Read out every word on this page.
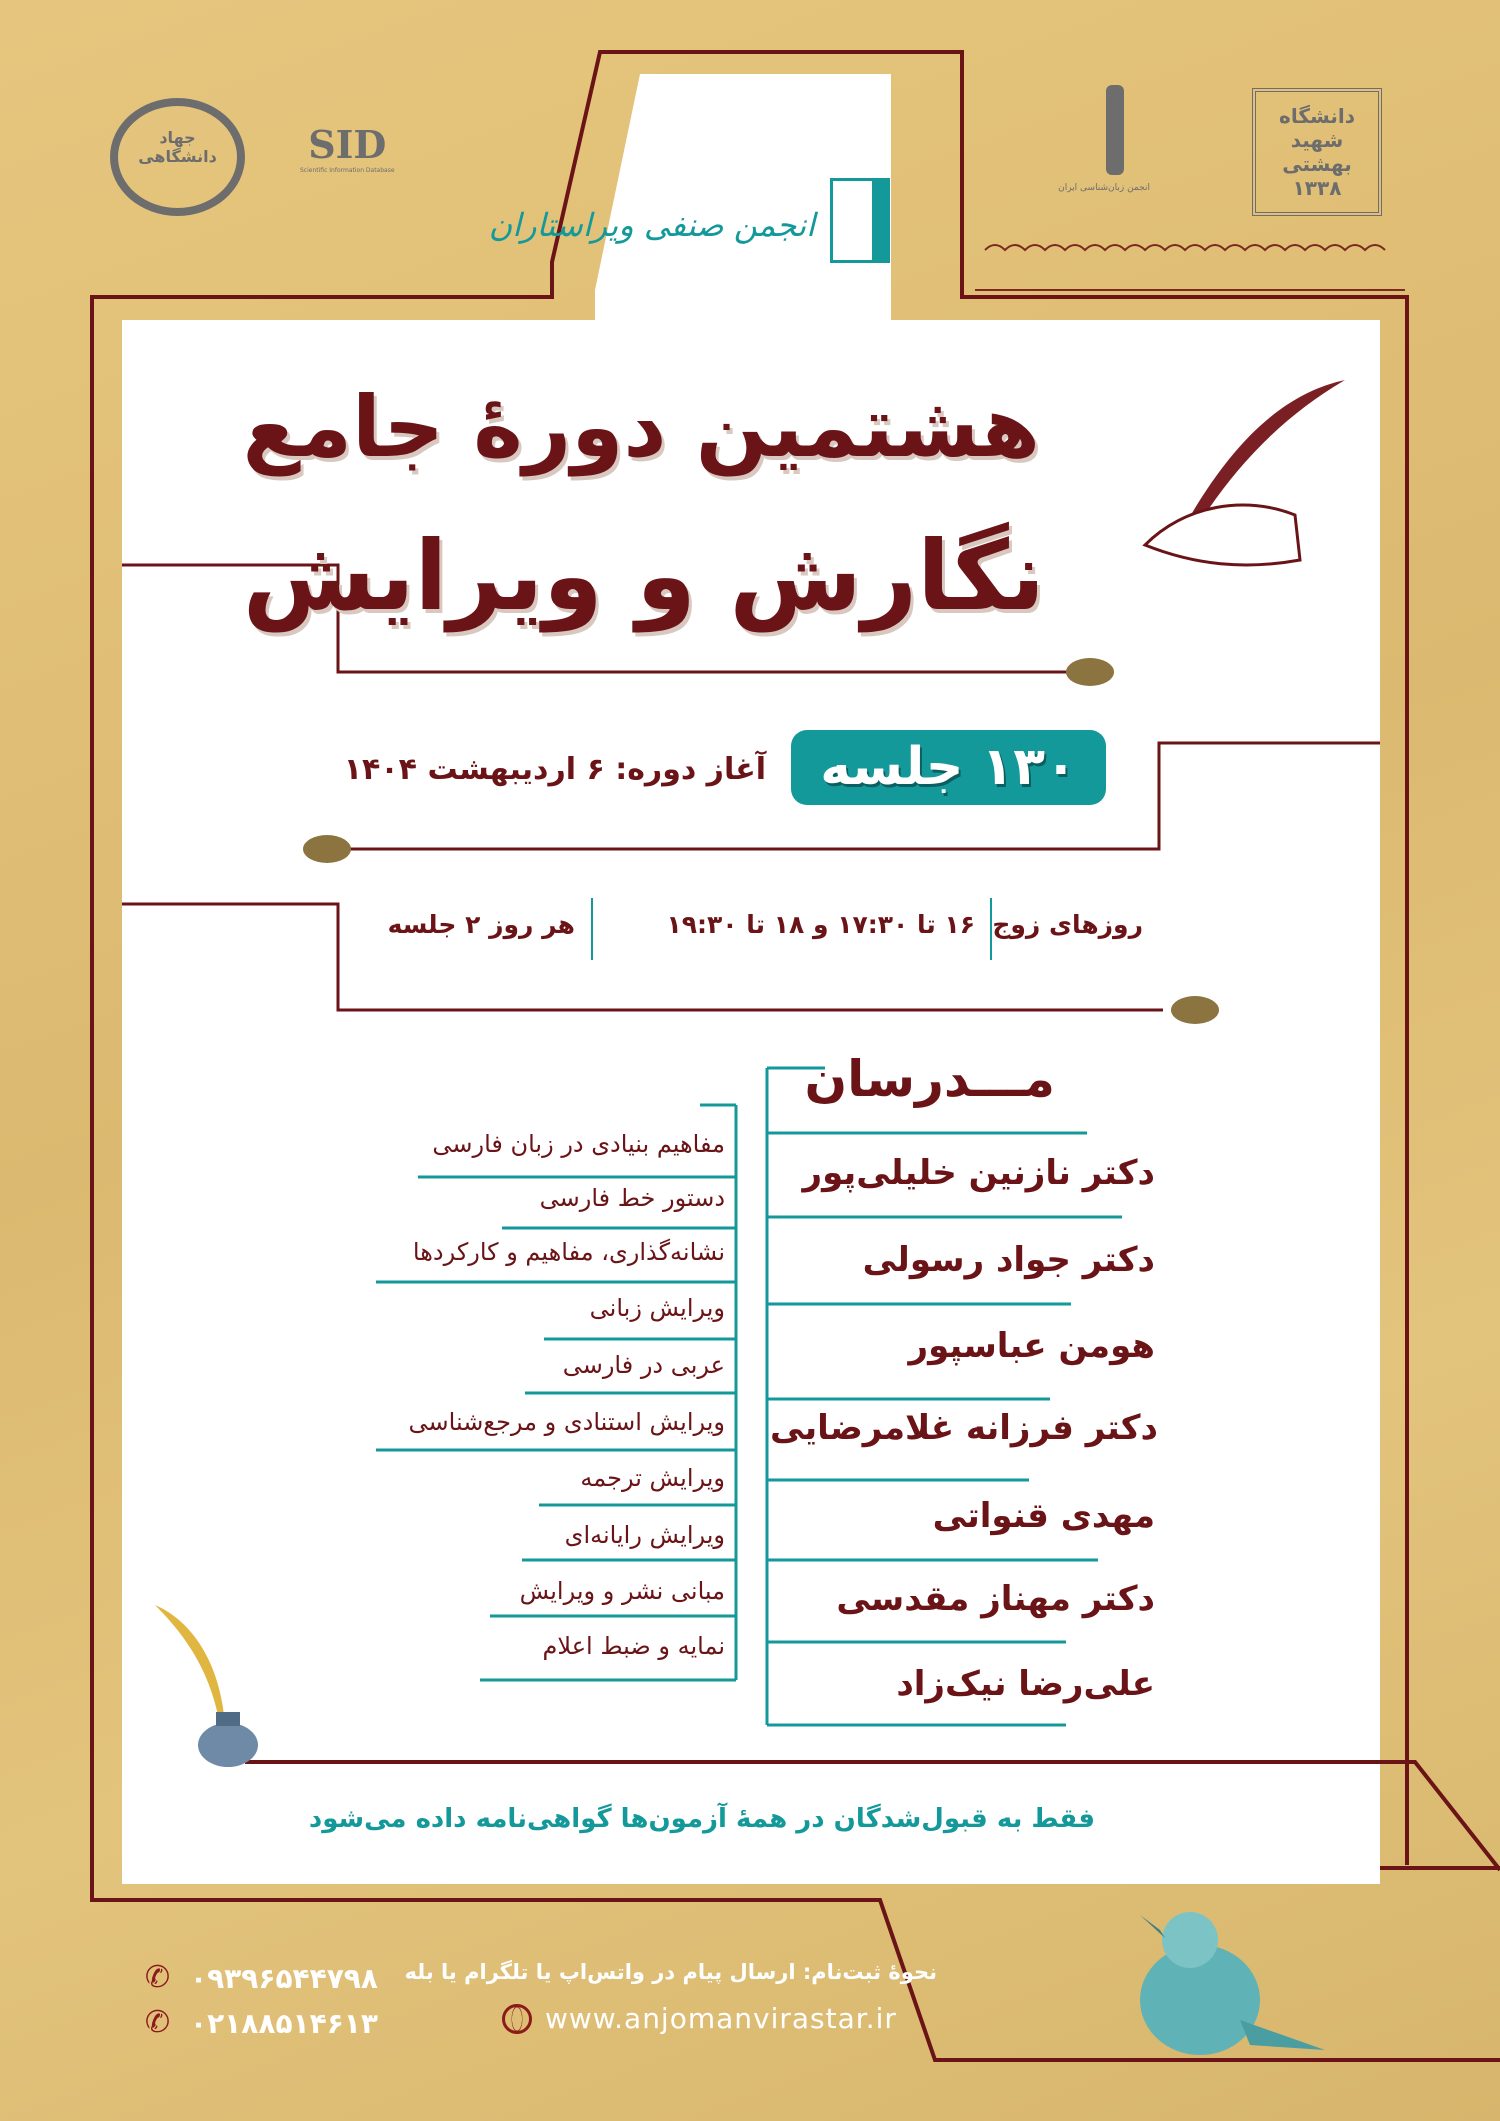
جهاد دانشگاهی SID
Scientific Information Database
انجمن صنفی ویراستاران
انجمن زبان‌شناسی ایران
دانشگاه شهید بهشتی ۱۳۳۸
هشتمین دورهٔ جامع
نگارش و ویرایش
۱۳۰ جلسه
آغاز دوره: ۶ اردیبهشت ۱۴۰۴
روزهای زوج
۱۶ تا ۱۷:۳۰ و ۱۸ تا ۱۹:۳۰
هر روز ۲ جلسه
مـــدرسان
دکتر نازنین خلیلی‌پور
دکتر جواد رسولی
هومن عباسپور
دکتر فرزانه غلامرضایی
مهدی قنواتی
دکتر مهناز مقدسی
علی‌رضا نیک‌زاد
مفاهیم بنیادی در زبان فارسی
دستور خط فارسی
نشانه‌گذاری، مفاهیم و کارکردها
ویرایش زبانی
عربی در فارسی
ویرایش استنادی و مرجع‌شناسی
ویرایش ترجمه
ویرایش رایانه‌ای
مبانی نشر و ویرایش
نمایه و ضبط اعلام
فقط به قبول‌شدگان در همهٔ آزمون‌ها گواهی‌نامه داده می‌شود
✆ ۰۹۳۹۶۵۴۴۷۹۸
✆ ۰۲۱۸۸۵۱۴۶۱۳
نحوهٔ ثبت‌نام: ارسال پیام در واتس‌اپ یا تلگرام یا بله
www.anjomanvirastar.ir
